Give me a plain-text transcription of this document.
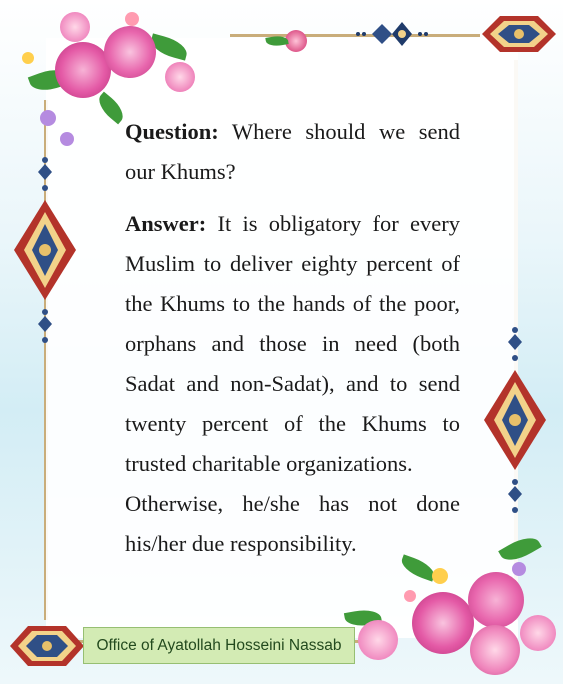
Question: Where should we send our Khums?

Answer: It is obligatory for every Muslim to deliver eighty percent of the Khums to the hands of the poor, orphans and those in need (both Sadat and non-Sadat), and to send twenty percent of the Khums to trusted charitable organizations.

Otherwise, he/she has not done his/her due responsibility.

Office of Ayatollah Hosseini Nassab
